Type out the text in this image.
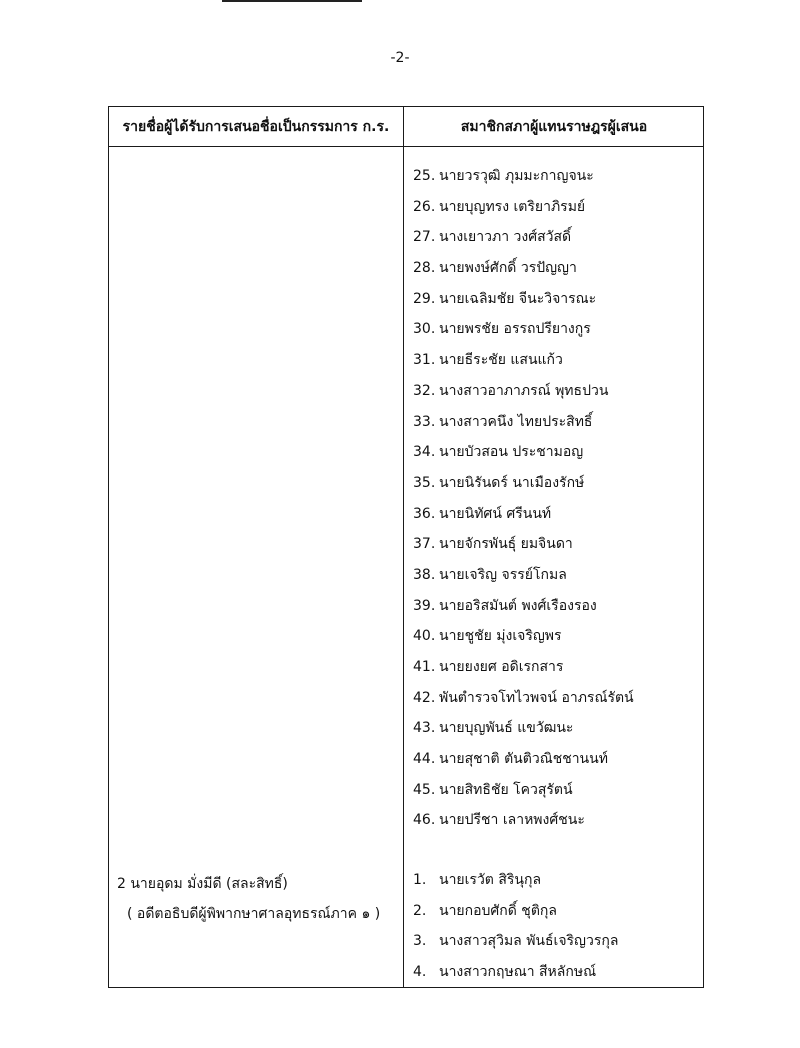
-2-
รายชื่อผู้ได้รับการเสนอชื่อเป็นกรรมการ ก.ร.	สมาชิกสภาผู้แทนราษฎรผู้เสนอ
25. นายวรวุฒิ ภุมมะกาญจนะ
26. นายบุญทรง เตริยาภิรมย์
27. นางเยาวภา วงศ์สวัสดิ์
28. นายพงษ์ศักดิ์ วรปัญญา
29. นายเฉลิมชัย จีนะวิจารณะ
30. นายพรชัย อรรถปรียางกูร
31. นายธีระชัย แสนแก้ว
32. นางสาวอาภาภรณ์ พุทธปวน
33. นางสาวคนึง ไทยประสิทธิ์
34. นายบัวสอน ประชามอญ
35. นายนิรันดร์ นาเมืองรักษ์
36. นายนิทัศน์ ศรีนนท์
37. นายจักรพันธุ์ ยมจินดา
38. นายเจริญ จรรย์โกมล
39. นายอริสมันต์ พงศ์เรืองรอง
40. นายชูชัย มุ่งเจริญพร
41. นายยงยศ อดิเรกสาร
42. พันตำรวจโทไวพจน์ อาภรณ์รัตน์
43. นายบุญพันธ์ แขวัฒนะ
44. นายสุชาติ ตันติวณิชชานนท์
45. นายสิทธิชัย โควสุรัตน์
46. นายปรีชา เลาหพงศ์ชนะ
2 นายอุดม มั่งมีดี (สละสิทธิ์)
( อดีตอธิบดีผู้พิพากษาศาลอุทธรณ์ภาค ๑ )
1. นายเรวัต สิรินุกุล
2. นายกอบศักดิ์ ชุติกุล
3. นางสาวสุวิมล พันธ์เจริญวรกุล
4. นางสาวกฤษณา สีหลักษณ์
